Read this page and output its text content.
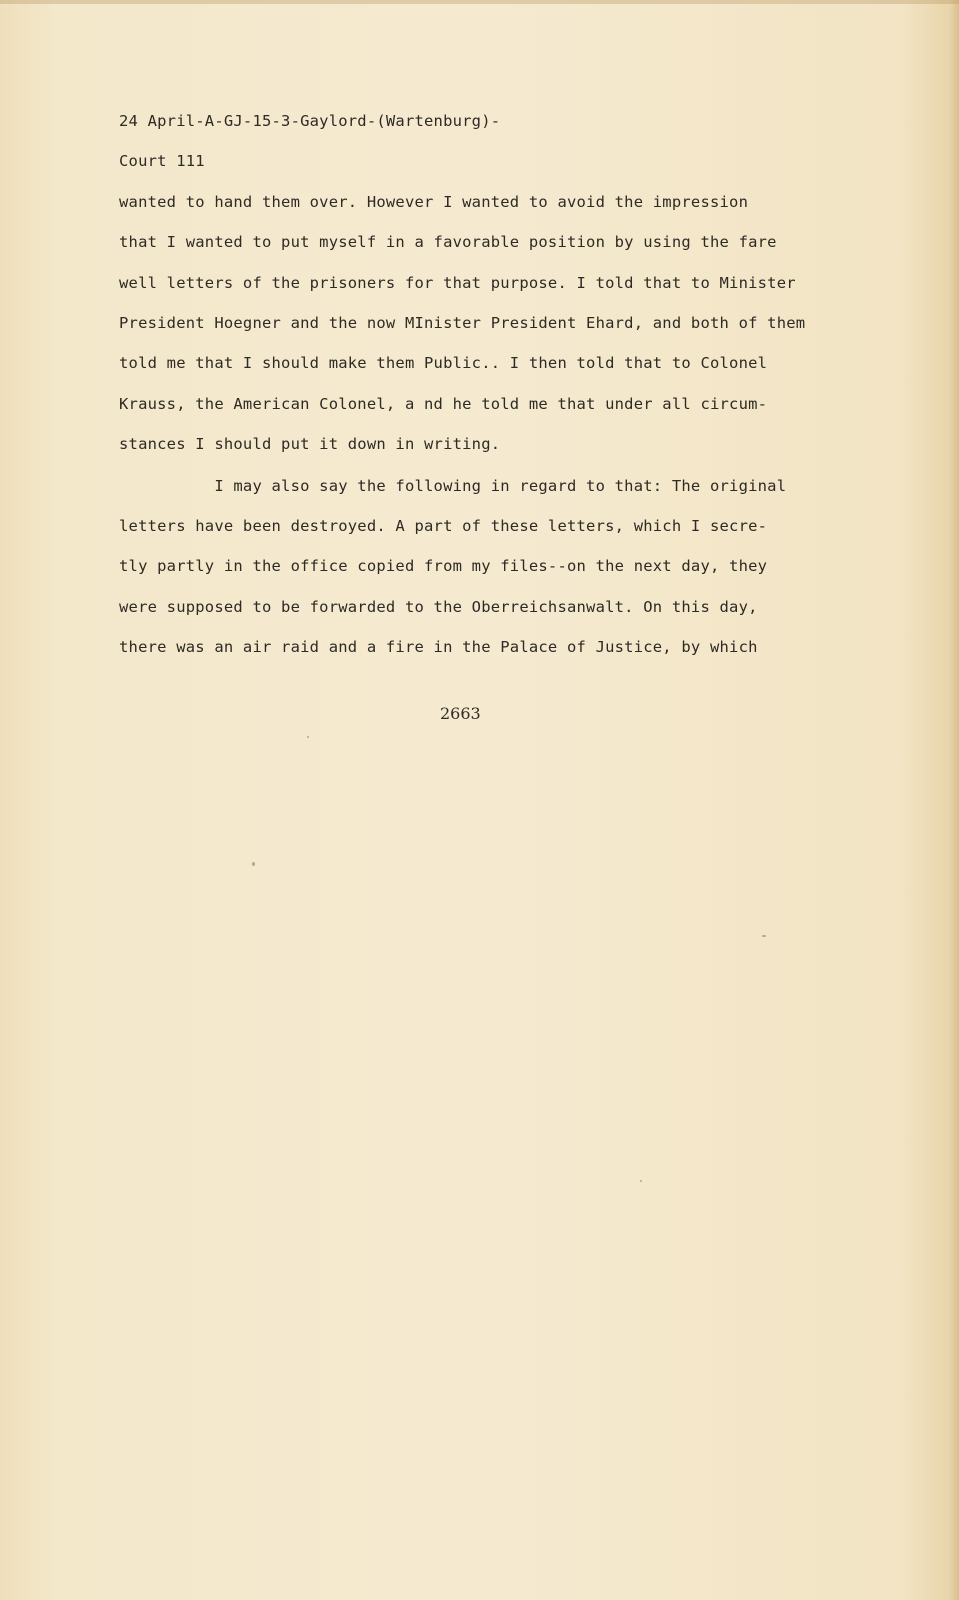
24 April-A-GJ-15-3-Gaylord-(Wartenburg)-
Court 111
wanted to hand them over. However I wanted to avoid the impression
that I wanted to put myself in a favorable position by using the fare
well letters of the prisoners for that purpose. I told that to Minister
President Hoegner and the now MInister President Ehard, and both of them
told me that I should make them Public.. I then told that to Colonel
Krauss, the American Colonel, a nd he told me that under all circum-
stances I should put it down in writing.
I may also say the following in regard to that: The original
letters have been destroyed. A part of these letters, which I secre-
tly partly in the office copied from my files--on the next day, they
were supposed to be forwarded to the Oberreichsanwalt. On this day,
there was an air raid and a fire in the Palace of Justice, by which
2663
